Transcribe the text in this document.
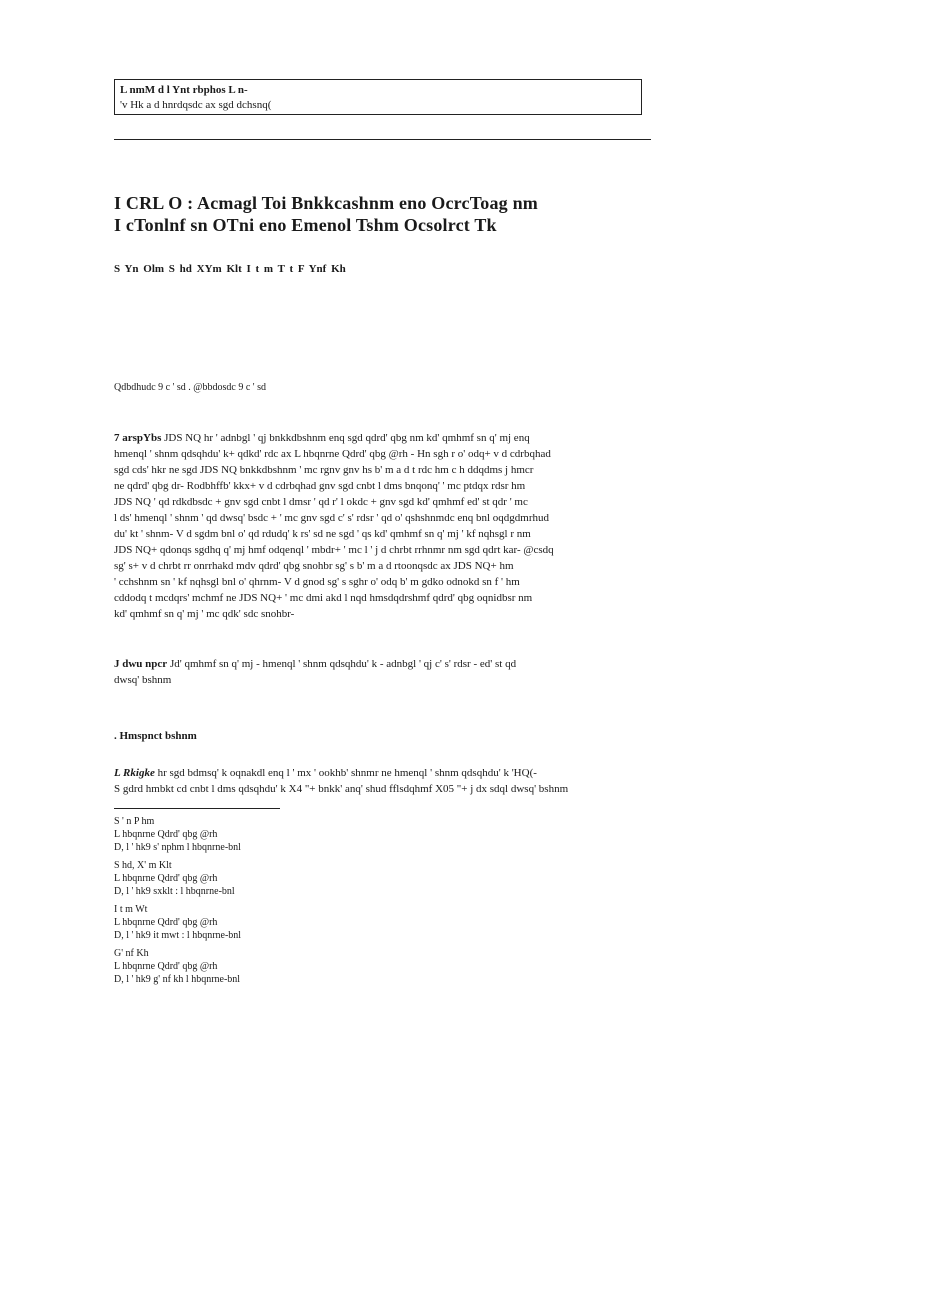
L nmM d l Ynt rbphos L n-
'v Hk a d hnrdqsdc ax sgd dchsnq(
I CRL O : Acmagl Toi Bnkkcashnm eno OcrcToag nm
I cTonlnf sn OTni eno Emenol Tshm Ocsolrct Tk
S Yn Olm S hd XYm Klt I t m T t F Ynf Kh
Qdbdhudc 9 c ' sd . @bbdosdc 9 c ' sd
7 arspYbs JDS NQ hr ' adnbgl ' qj bnkkdbshnm enq sgd qdrd' qbg nm kd' qmhmf sn q' mj enq
hmenql ' shnm qdsqhdu' k+ qdkd' rdc ax L hbqnrne Qdrd' qbg @rh - Hn sgh r o' odq+ v d cdrbqhad
sgd cds' hkr ne sgd JDS NQ bnkkdbshnm ' mc rgnv gnv hs b' m a d t rdc hm c h ddqdms j hmcr
ne qdrd' qbg dr- Rodbhffb' kkx+ v d cdrbqhad gnv sgd cnbt l dms bnqonq' ' mc ptdqx rdsr hm
JDS NQ ' qd rdkdbsdc + gnv sgd cnbt l dmsr ' qd r' l okdc + gnv sgd kd' qmhmf ed' st qdr ' mc
l ds' hmenql ' shnm ' qd dwsq' bsdc + ' mc gnv sgd c' s' rdsr ' qd o' qshshnmdc enq bnl oqdgdmrhud
du' kt ' shnm- V d sgdm bnl o' qd rdudq' k rs' sd ne sgd ' qs kd' qmhmf sn q' mj ' kf nqhsgl r nm
JDS NQ+ qdonqs sgdhq q' mj hmf odqenql ' mbdr+ ' mc l ' j d chrbt rrhnmr nm sgd qdrt kar- @csdq
sg' s+ v d chrbt rr onrrhakd mdv qdrd' qbg snohbr sg' s b' m a d rtoonqsdc ax JDS NQ+ hm
' cchshnm sn ' kf nqhsgl bnl o' qhrnm- V d gnod sg' s sghr o' odq b' m gdko odnokd sn f ' hm
cddodq t mcdqrs' mchmf ne JDS NQ+ ' mc dmi akd l nqd hmsdqdrshmf qdrd' qbg oqnidbsr nm
kd' qmhmf sn q' mj ' mc qdk' sdc snohbr-
J dwu npcr Jd' qmhmf sn q' mj - hmenql ' shnm qdsqhdu' k - adnbgl ' qj c' s' rdsr - ed' st qd
dwsq' bshnm
. Hmspnct bshnm
L Rkigke hr sgd bdmsq' k oqnakdl enq l ' mx ' ookhb' shnmr ne hmenql ' shnm qdsqhdu' k 'HQ(-
S gdrd hmbkt cd cnbt l dms qdsqhdu' k X4 "+ bnkk' anq' shud fflsdqhmf X05 "+ j dx sdql dwsq' bshnm
S ' n P hm
L hbqnrne Qdrd' qbg @rh
D, l ' hk9 s' nphm l hbqnrne-bnl
S hd, X' m Klt
L hbqnrne Qdrd' qbg @rh
D, l ' hk9 sxklt : l hbqnrne-bnl
I t m Wt
L hbqnrne Qdrd' qbg @rh
D, l ' hk9 it mwt : l hbqnrne-bnl
G' nf Kh
L hbqnrne Qdrd' qbg @rh
D, l ' hk9 g' nf kh l hbqnrne-bnl
